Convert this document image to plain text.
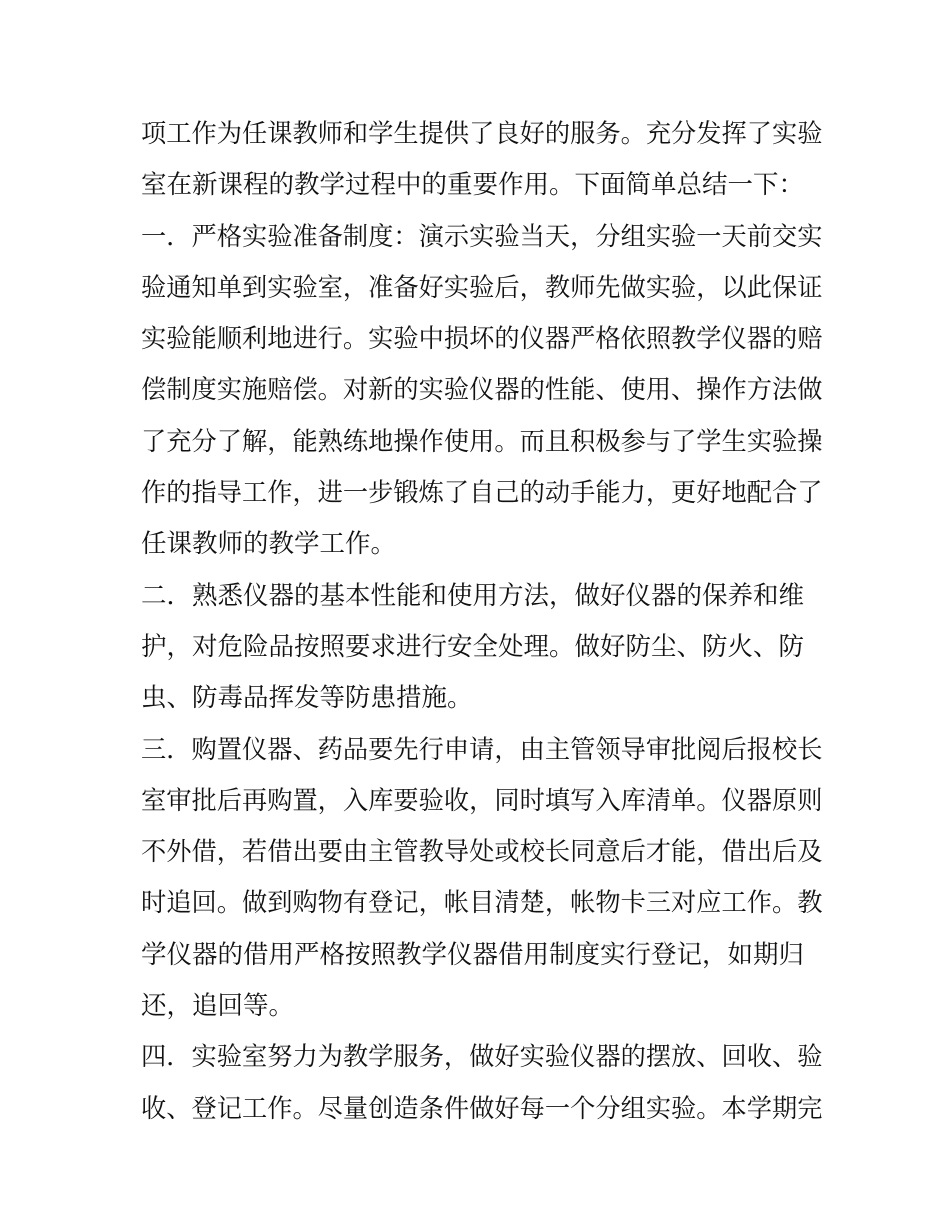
项工作为任课教师和学生提供了良好的服务。充分发挥了实验
室在新课程的教学过程中的重要作用。下面简单总结一下：
一．严格实验准备制度：演示实验当天，分组实验一天前交实
验通知单到实验室，准备好实验后，教师先做实验，以此保证
实验能顺利地进行。实验中损坏的仪器严格依照教学仪器的赔
偿制度实施赔偿。对新的实验仪器的性能、使用、操作方法做
了充分了解，能熟练地操作使用。而且积极参与了学生实验操
作的指导工作，进一步锻炼了自己的动手能力，更好地配合了
任课教师的教学工作。
二．熟悉仪器的基本性能和使用方法，做好仪器的保养和维
护，对危险品按照要求进行安全处理。做好防尘、防火、防
虫、防毒品挥发等防患措施。
三．购置仪器、药品要先行申请，由主管领导审批阅后报校长
室审批后再购置，入库要验收，同时填写入库清单。仪器原则
不外借，若借出要由主管教导处或校长同意后才能，借出后及
时追回。做到购物有登记，帐目清楚，帐物卡三对应工作。教
学仪器的借用严格按照教学仪器借用制度实行登记，如期归
还，追回等。
四．实验室努力为教学服务，做好实验仪器的摆放、回收、验
收、登记工作。尽量创造条件做好每一个分组实验。本学期完
